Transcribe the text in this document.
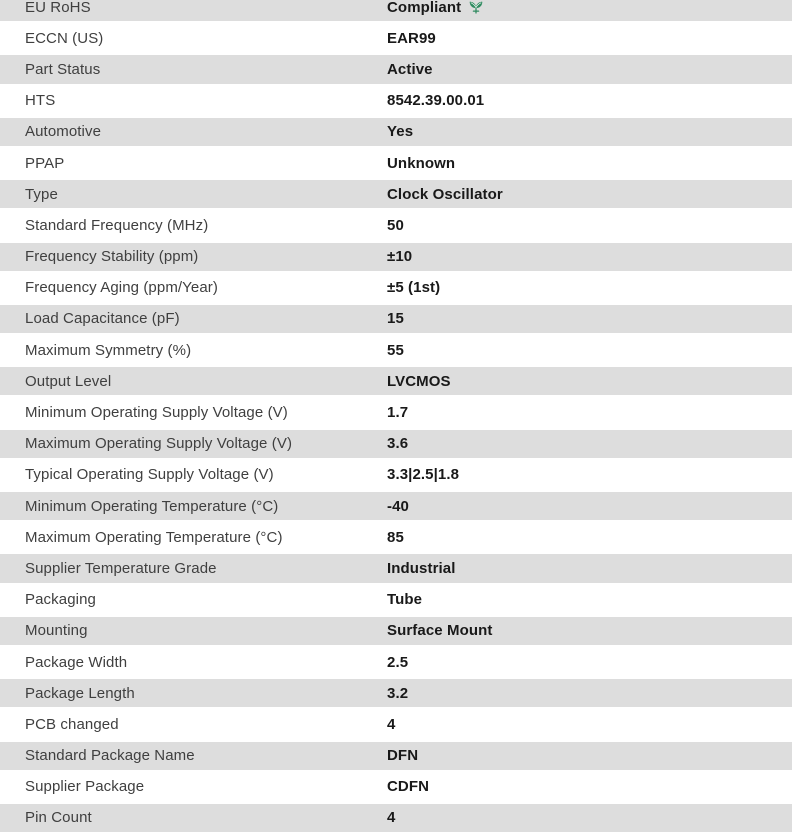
EU RoHS	Compliant
ECCN (US)	EAR99
Part Status	Active
HTS	8542.39.00.01
Automotive	Yes
PPAP	Unknown
Type	Clock Oscillator
Standard Frequency (MHz)	50
Frequency Stability (ppm)	±10
Frequency Aging (ppm/Year)	±5 (1st)
Load Capacitance (pF)	15
Maximum Symmetry (%)	55
Output Level	LVCMOS
Minimum Operating Supply Voltage (V)	1.7
Maximum Operating Supply Voltage (V)	3.6
Typical Operating Supply Voltage (V)	3.3|2.5|1.8
Minimum Operating Temperature (°C)	-40
Maximum Operating Temperature (°C)	85
Supplier Temperature Grade	Industrial
Packaging	Tube
Mounting	Surface Mount
Package Width	2.5
Package Length	3.2
PCB changed	4
Standard Package Name	DFN
Supplier Package	CDFN
Pin Count	4
